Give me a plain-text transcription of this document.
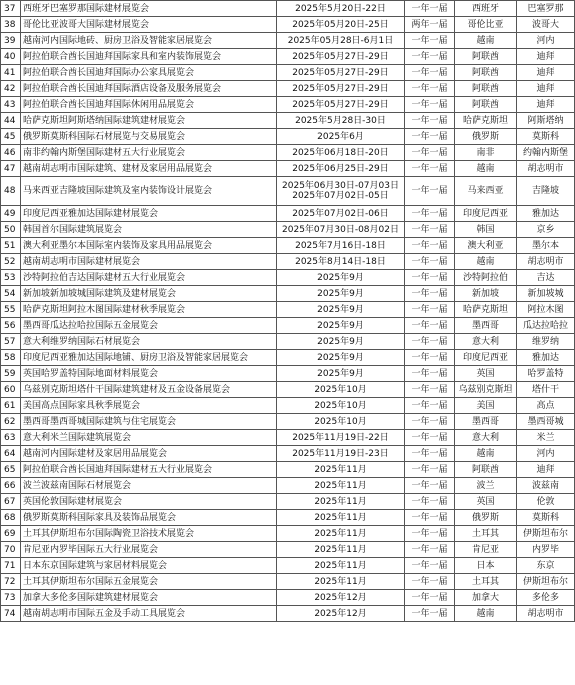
37	西班牙巴塞罗那国际建材展览会	2025年5月20日-22日	一年一届	西班牙	巴塞罗那
38	哥伦比亚波哥大国际建材展览会	2025年05月20日-25日	两年一届	哥伦比亚	波哥大
39	越南河内国际地砖、厨房卫浴及智能家居展览会	2025年05月28日-6月1日	一年一届	越南	河内
40	阿拉伯联合酋长国迪拜国际家具和室内装饰展览会	2025年05月27日-29日	一年一届	阿联酋	迪拜
41	阿拉伯联合酋长国迪拜国际办公家具展览会	2025年05月27日-29日	一年一届	阿联酋	迪拜
42	阿拉伯联合酋长国迪拜国际酒店设备及服务展览会	2025年05月27日-29日	一年一届	阿联酋	迪拜
43	阿拉伯联合酋长国迪拜国际休闲用品展览会	2025年05月27日-29日	一年一届	阿联酋	迪拜
44	哈萨克斯坦阿斯塔纳国际建筑建材展览会	2025年5月28日-30日	一年一届	哈萨克斯坦	阿斯塔纳
45	俄罗斯莫斯科国际石材展览与交易展览会	2025年6月	一年一届	俄罗斯	莫斯科
46	南非约翰内斯堡国际建材五大行业展览会	2025年06月18日-20日	一年一届	南非	约翰内斯堡
47	越南胡志明市国际建筑、建材及家居用品展览会	2025年06月25日-29日	一年一届	越南	胡志明市
48	马来西亚吉隆坡国际建筑及室内装饰设计展览会	2025年06月30日-07月03日
2025年07月02日-05日	一年一届	马来西亚	吉隆坡
49	印度尼西亚雅加达国际建材展览会	2025年07月02日-06日	一年一届	印度尼西亚	雅加达
50	韩国首尔国际建筑展览会	2025年07月30日-08月02日	一年一届	韩国	京乡
51	澳大利亚墨尔本国际室内装饰及家具用品展览会	2025年7月16日-18日	一年一届	澳大利亚	墨尔本
52	越南胡志明市国际建材展览会	2025年8月14日-18日	一年一届	越南	胡志明市
53	沙特阿拉伯吉达国际建材五大行业展览会	2025年9月	一年一届	沙特阿拉伯	吉达
54	新加坡新加坡城国际建筑及建材展览会	2025年9月	一年一届	新加坡	新加坡城
55	哈萨克斯坦阿拉木图国际建材秋季展览会	2025年9月	一年一届	哈萨克斯坦	阿拉木图
56	墨西哥瓜达拉哈拉国际五金展览会	2025年9月	一年一届	墨西哥	瓜达拉哈拉
57	意大利维罗纳国际石材展览会	2025年9月	一年一届	意大利	维罗纳
58	印度尼西亚雅加达国际地铺、厨房卫浴及智能家居展览会	2025年9月	一年一届	印度尼西亚	雅加达
59	英国哈罗盖特国际地面材料展览会	2025年9月	一年一届	英国	哈罗盖特
60	乌兹别克斯坦塔什干国际建筑建材及五金设备展览会	2025年10月	一年一届	乌兹别克斯坦	塔什干
61	美国高点国际家具秋季展览会	2025年10月	一年一届	美国	高点
62	墨西哥墨西哥城国际建筑与住宅展览会	2025年10月	一年一届	墨西哥	墨西哥城
63	意大利米兰国际建筑展览会	2025年11月19日-22日	一年一届	意大利	米兰
64	越南河内国际建材及家居用品展览会	2025年11月19日-23日	一年一届	越南	河内
65	阿拉伯联合酋长国迪拜国际建材五大行业展览会	2025年11月	一年一届	阿联酋	迪拜
66	波兰波兹南国际石材展览会	2025年11月	一年一届	波兰	波兹南
67	英国伦敦国际建材展览会	2025年11月	一年一届	英国	伦敦
68	俄罗斯莫斯科国际家具及装饰品展览会	2025年11月	一年一届	俄罗斯	莫斯科
69	土耳其伊斯坦布尔国际陶瓷卫浴技术展览会	2025年11月	一年一届	土耳其	伊斯坦布尔
70	肯尼亚内罗毕国际五大行业展览会	2025年11月	一年一届	肯尼亚	内罗毕
71	日本东京国际建筑与家居材料展览会	2025年11月	一年一届	日本	东京
72	土耳其伊斯坦布尔国际五金展览会	2025年11月	一年一届	土耳其	伊斯坦布尔
73	加拿大多伦多国际建筑建材展览会	2025年12月	一年一届	加拿大	多伦多
74	越南胡志明市国际五金及手动工具展览会	2025年12月	一年一届	越南	胡志明市
